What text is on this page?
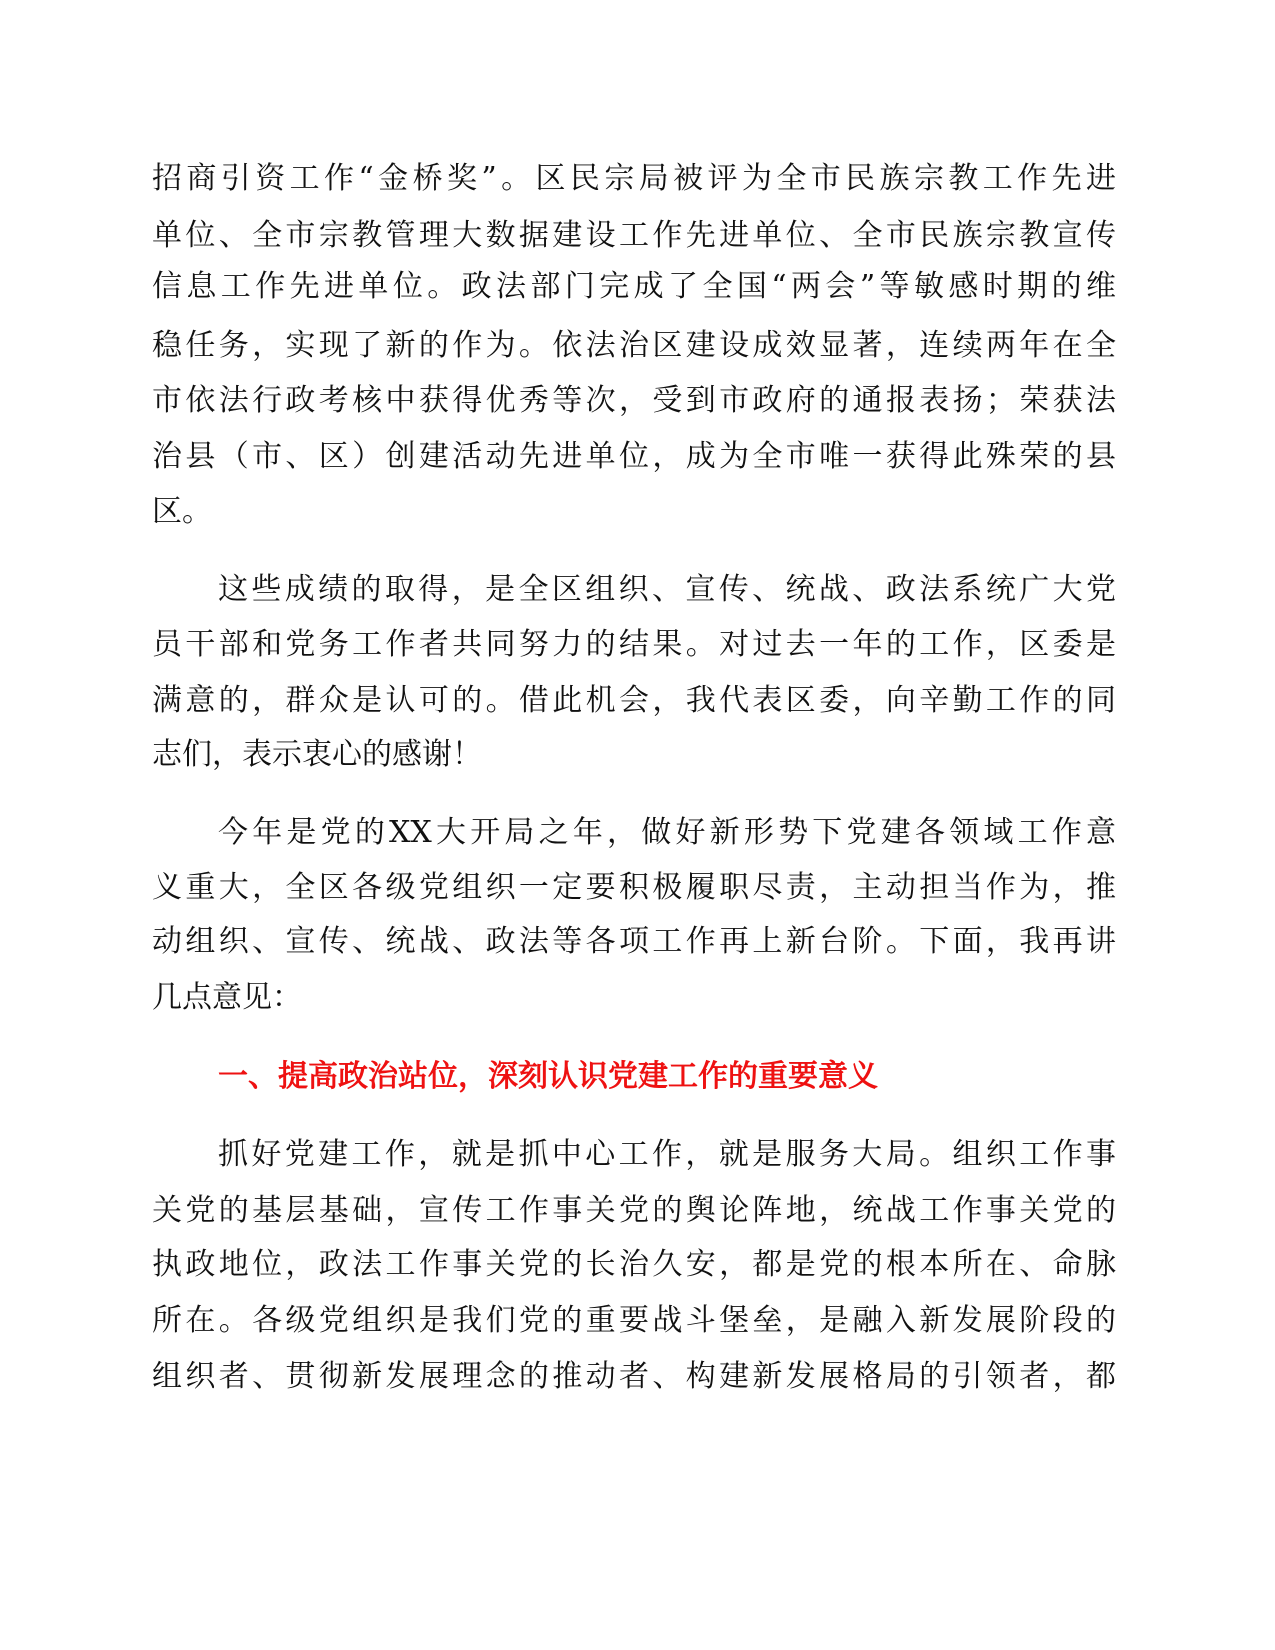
招商引资工作“金桥奖”。区民宗局被评为全市民族宗教工作先进
单位、全市宗教管理大数据建设工作先进单位、全市民族宗教宣传
信息工作先进单位。政法部门完成了全国“两会”等敏感时期的维
稳任务，实现了新的作为。依法治区建设成效显著，连续两年在全
市依法行政考核中获得优秀等次，受到市政府的通报表扬；荣获法
治县（市、区）创建活动先进单位，成为全市唯一获得此殊荣的县
区。
这些成绩的取得，是全区组织、宣传、统战、政法系统广大党
员干部和党务工作者共同努力的结果。对过去一年的工作，区委是
满意的，群众是认可的。借此机会，我代表区委，向辛勤工作的同
志们，表示衷心的感谢！
今年是党的XX大开局之年，做好新形势下党建各领域工作意
义重大，全区各级党组织一定要积极履职尽责，主动担当作为，推
动组织、宣传、统战、政法等各项工作再上新台阶。下面，我再讲
几点意见：
一、提高政治站位，深刻认识党建工作的重要意义
抓好党建工作，就是抓中心工作，就是服务大局。组织工作事
关党的基层基础，宣传工作事关党的舆论阵地，统战工作事关党的
执政地位，政法工作事关党的长治久安，都是党的根本所在、命脉
所在。各级党组织是我们党的重要战斗堡垒，是融入新发展阶段的
组织者、贯彻新发展理念的推动者、构建新发展格局的引领者，都
